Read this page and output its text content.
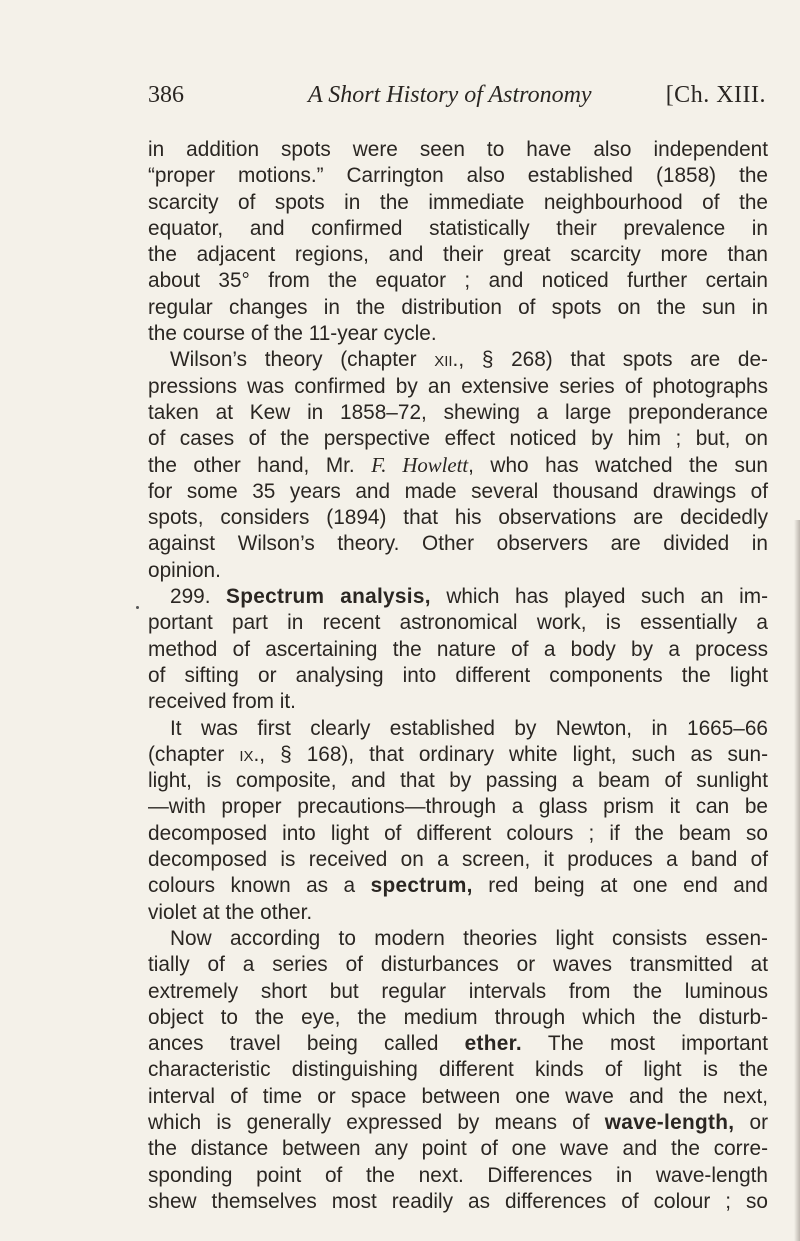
386	A Short History of Astronomy	[Ch. XIII.
in addition spots were seen to have also independent
“proper motions.” Carrington also established (1858) the
scarcity of spots in the immediate neighbourhood of the
equator, and confirmed statistically their prevalence in
the adjacent regions, and their great scarcity more than
about 35° from the equator ; and noticed further certain
regular changes in the distribution of spots on the sun in
the course of the 11-year cycle.
Wilson’s theory (chapter xii., § 268) that spots are de-
pressions was confirmed by an extensive series of photographs
taken at Kew in 1858–72, shewing a large preponderance
of cases of the perspective effect noticed by him ; but, on
the other hand, Mr. F. Howlett, who has watched the sun
for some 35 years and made several thousand drawings of
spots, considers (1894) that his observations are decidedly
against Wilson’s theory. Other observers are divided in
opinion.
299. Spectrum analysis, which has played such an im-
portant part in recent astronomical work, is essentially a
method of ascertaining the nature of a body by a process
of sifting or analysing into different components the light
received from it.
It was first clearly established by Newton, in 1665–66
(chapter ix., § 168), that ordinary white light, such as sun-
light, is composite, and that by passing a beam of sunlight
—with proper precautions—through a glass prism it can be
decomposed into light of different colours ; if the beam so
decomposed is received on a screen, it produces a band of
colours known as a spectrum, red being at one end and
violet at the other.
Now according to modern theories light consists essen-
tially of a series of disturbances or waves transmitted at
extremely short but regular intervals from the luminous
object to the eye, the medium through which the disturb-
ances travel being called ether. The most important
characteristic distinguishing different kinds of light is the
interval of time or space between one wave and the next,
which is generally expressed by means of wave-length, or
the distance between any point of one wave and the corre-
sponding point of the next. Differences in wave-length
shew themselves most readily as differences of colour ; so
